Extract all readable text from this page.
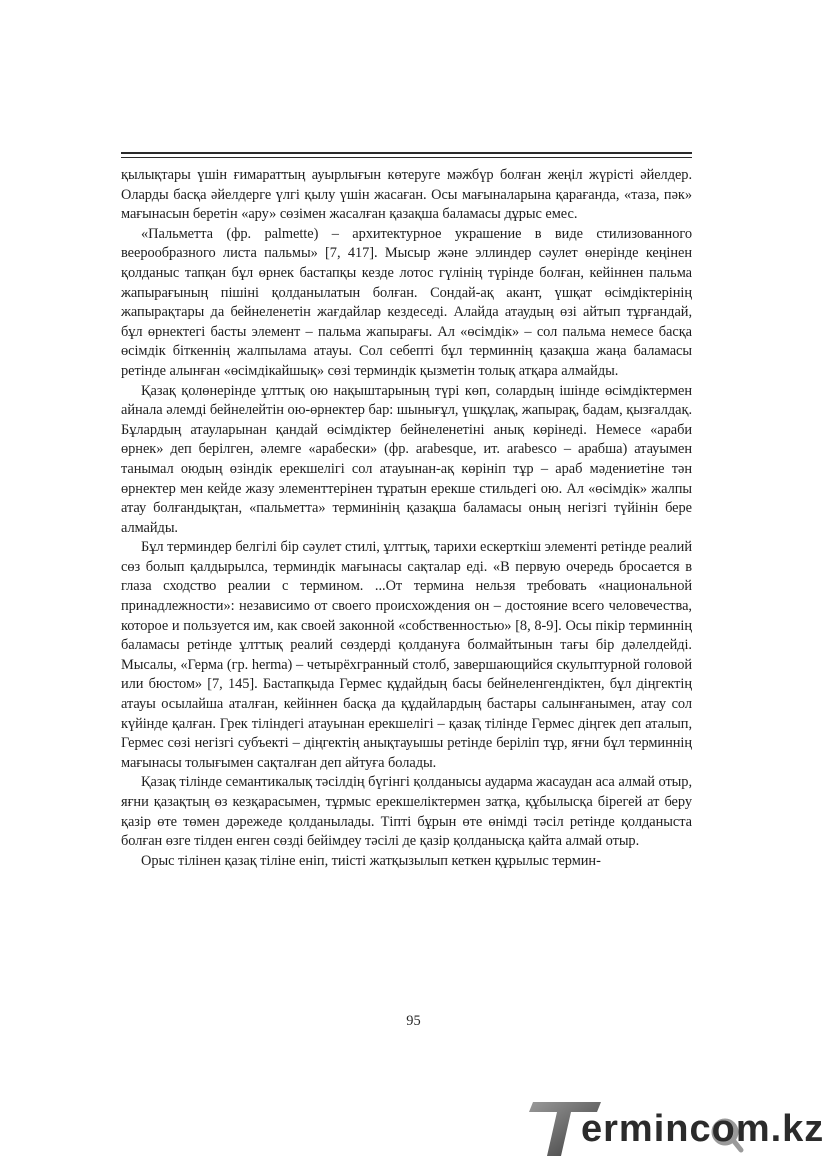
қылықтары үшін ғимараттың ауырлығын көтеруге мәжбүр болған жеңіл жүрісті әйелдер. Оларды басқа әйелдерге үлгі қылу үшін жасаған. Осы мағыналарына қарағанда, «таза, пәк» мағынасын беретін «ару» сөзімен жасалған қазақша баламасы дұрыс емес.

«Пальметта (фр. palmette) – архитектурное украшение в виде стилизованного веерообразного листа пальмы» [7, 417]. Мысыр және эллиндер сәулет өнерінде кеңінен қолданыс тапқан бұл өрнек бастапқы кезде лотос гүлінің түрінде болған, кейіннен пальма жапырағының пішіні қолданылатын болған. Сондай-ақ акант, үшқат өсімдіктерінің жапырақтары да бейнеленетін жағдайлар кездеседі. Алайда атаудың өзі айтып тұрғандай, бұл өрнектегі басты элемент – пальма жапырағы. Ал «өсімдік» – сол пальма немесе басқа өсімдік біткеннің жалпылама атауы. Сол себепті бұл терминнің қазақша жаңа баламасы ретінде алынған «өсімдікайшық» сөзі терминдік қызметін толық атқара алмайды.

Қазақ қолөнерінде ұлттық ою нақыштарының түрі көп, солардың ішінде өсімдіктермен айнала әлемді бейнелейтін ою-өрнектер бар: шынығұл, үшқұлақ, жапырақ, бадам, қызғалдақ. Бұлардың атауларынан қандай өсімдіктер бейнеленетіні анық көрінеді. Немесе «араби өрнек» деп берілген, әлемге «арабески» (фр. arabesque, ит. arabesco – арабша) атауымен танымал оюдың өзіндік ерекшелігі сол атауынан-ақ көрініп тұр – араб мәдениетіне тән өрнектер мен кейде жазу элементтерінен тұратын ерекше стильдегі ою. Ал «өсімдік» жалпы атау болғандықтан, «пальметта» терминінің қазақша баламасы оның негізгі түйінін бере алмайды.

Бұл терминдер белгілі бір сәулет стилі, ұлттық, тарихи ескерткіш элементі ретінде реалий сөз болып қалдырылса, терминдік мағынасы сақталар еді. «В первую очередь бросается в глаза сходство реалии с термином. ...От термина нельзя требовать «национальной принадлежности»: независимо от своего происхождения он – достояние всего человечества, которое и пользуется им, как своей законной «собственностью» [8, 8-9]. Осы пікір терминнің баламасы ретінде ұлттық реалий сөздерді қолдануға болмайтынын тағы бір дәлелдейді. Мысалы, «Герма (гр. herma) – четырёхгранный столб, завершающийся скульптурной головой или бюстом» [7, 145]. Бастапқыда Гермес құдайдың басы бейнеленгендіктен, бұл діңгектің атауы осылайша аталған, кейіннен басқа да құдайлардың бастары салынғанымен, атау сол күйінде қалған. Грек тіліндегі атауынан ерекшелігі – қазақ тілінде Гермес діңгек деп аталып, Гермес сөзі негізгі субъекті – діңгектің анықтауышы ретінде беріліп тұр, яғни бұл терминнің мағынасы толығымен сақталған деп айтуға болады.

Қазақ тілінде семантикалық тәсілдің бүгінгі қолданысы аударма жасаудан аса алмай отыр, яғни қазақтың өз кезқарасымен, тұрмыс ерекшеліктермен затқа, құбылысқа бірегей ат беру қазір өте төмен дәрежеде қолданылады. Тіпті бұрын өте өнімді тәсіл ретінде қолданыста болған өзге тілден енген сөзді бейімдеу тәсілі де қазір қолданысқа қайта алмай отыр.

Орыс тілінен қазақ тіліне еніп, тиісті жатқызылып кеткен құрылыс термин-

95
ermincom.kz
